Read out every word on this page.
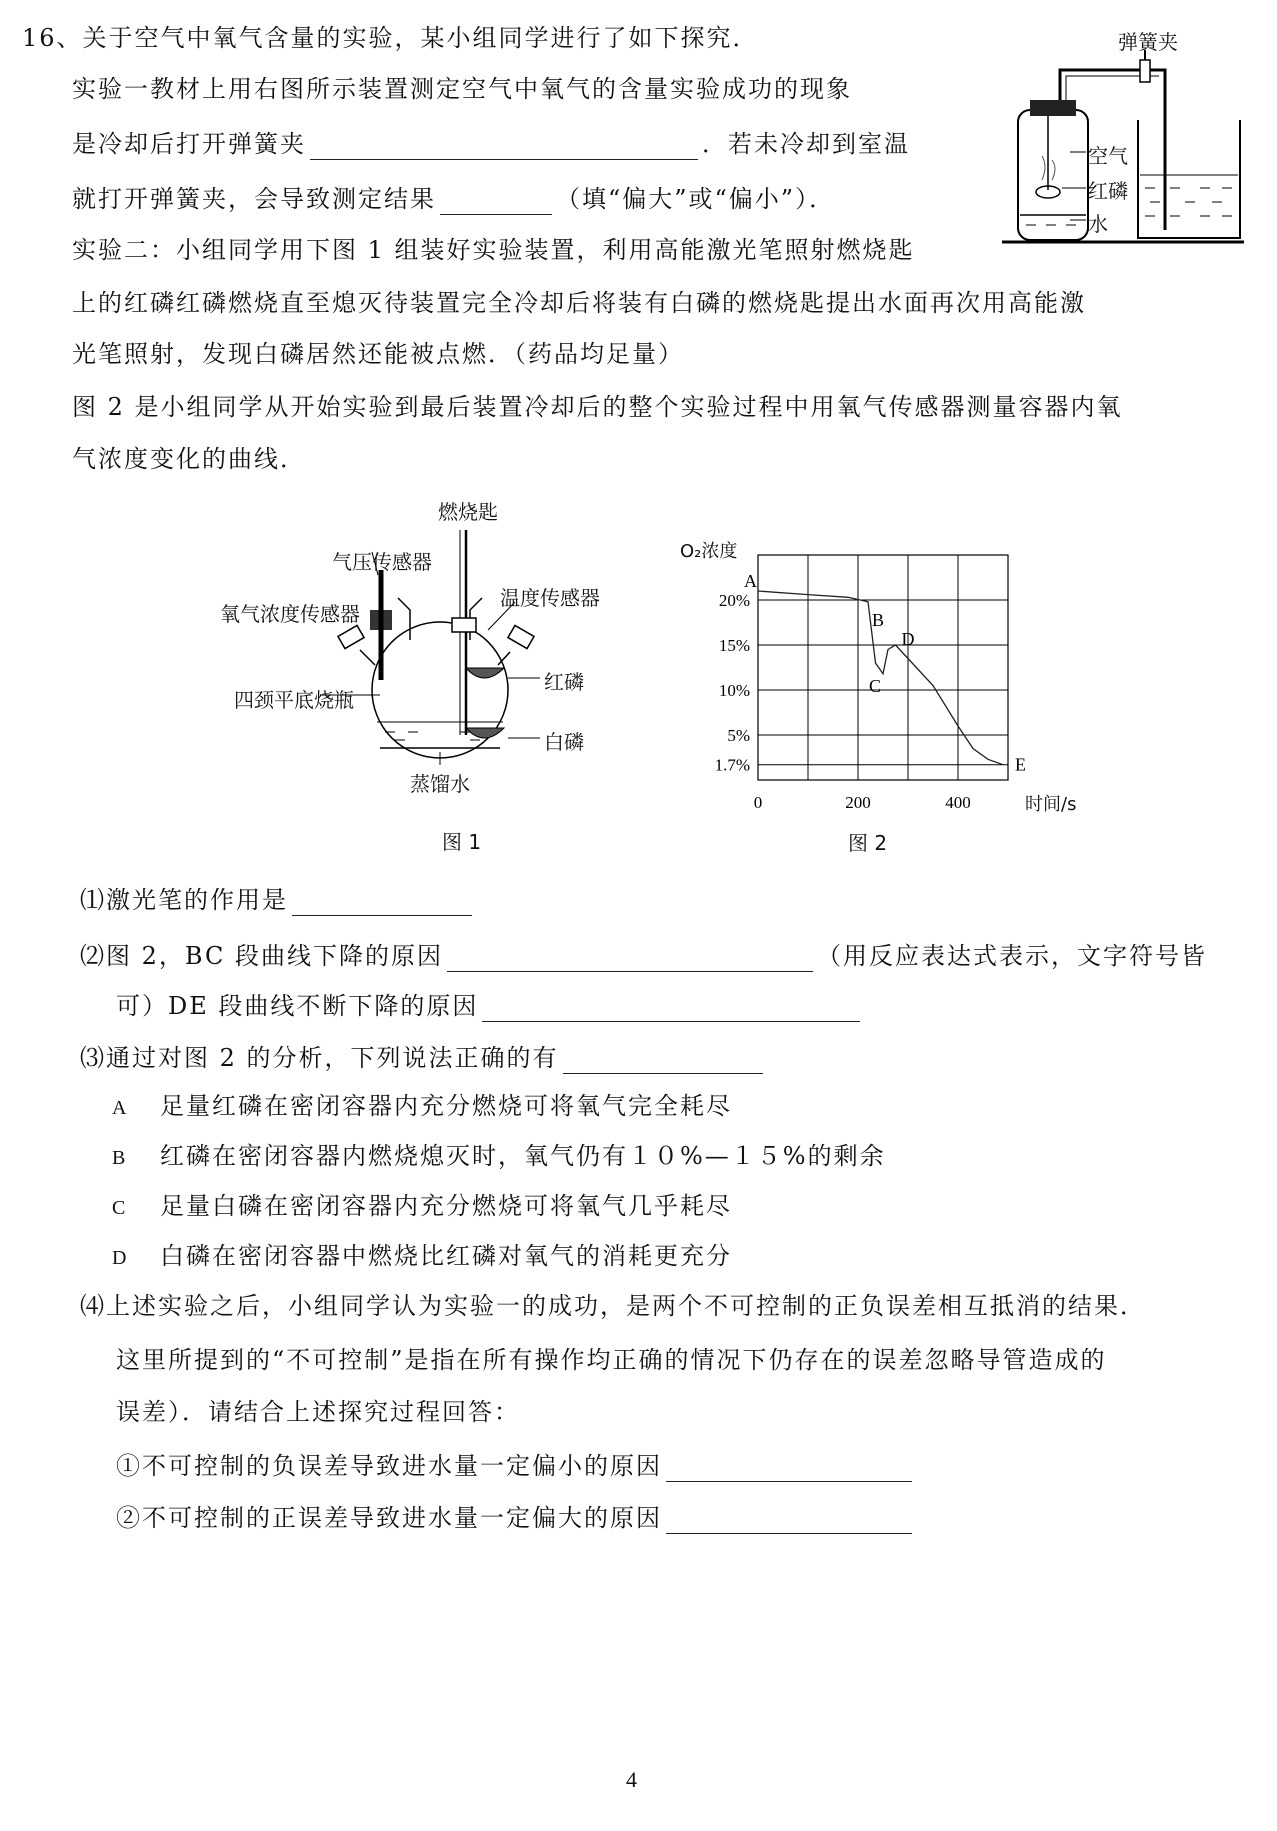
16、关于空气中氧气含量的实验，某小组同学进行了如下探究．
实验一教材上用右图所示装置测定空气中氧气的含量实验成功的现象
是冷却后打开弹簧夹	．若未冷却到室温
就打开弹簧夹，会导致测定结果	（填“偏大”或“偏小”）．
实验二：小组同学用下图 1 组装好实验装置，利用高能激光笔照射燃烧匙
上的红磷红磷燃烧直至熄灭待装置完全冷却后将装有白磷的燃烧匙提出水面再次用高能激
光笔照射，发现白磷居然还能被点燃．（药品均足量）
图 2 是小组同学从开始实验到最后装置冷却后的整个实验过程中用氧气传感器测量容器内氧
气浓度变化的曲线．
弹簧夹
空气
红磷
水
燃烧匙
气压传感器
温度传感器
氧气浓度传感器
红磷
四颈平底烧瓶
白磷
蒸馏水
图 1
20%
15%
10%
5%
1.7%
0	200	400
A
B
C
D
E
O₂浓度
时间/s
图 2
⑴激光笔的作用是
⑵图 2，BC 段曲线下降的原因	（用反应表达式表示，文字符号皆
可）DE 段曲线不断下降的原因
⑶通过对图 2 的分析，下列说法正确的有
A 足量红磷在密闭容器内充分燃烧可将氧气完全耗尽
B 红磷在密闭容器内燃烧熄灭时，氧气仍有１０%—１５%的剩余
C 足量白磷在密闭容器内充分燃烧可将氧气几乎耗尽
D 白磷在密闭容器中燃烧比红磷对氧气的消耗更充分
⑷上述实验之后，小组同学认为实验一的成功，是两个不可控制的正负误差相互抵消的结果．
这里所提到的“不可控制”是指在所有操作均正确的情况下仍存在的误差忽略导管造成的
误差）．请结合上述探究过程回答：
①不可控制的负误差导致进水量一定偏小的原因
②不可控制的正误差导致进水量一定偏大的原因
4
